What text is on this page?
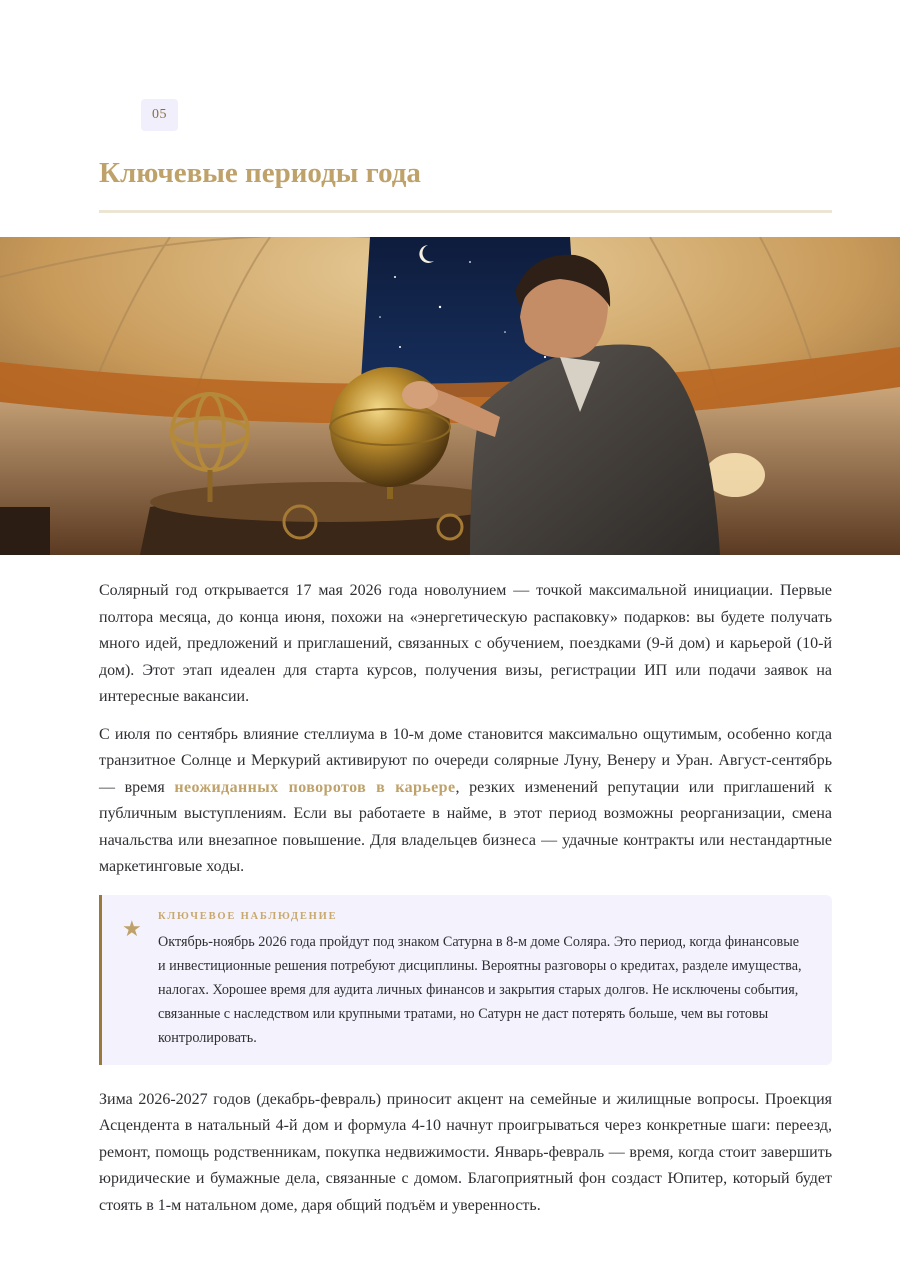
05
Ключевые периоды года

Солярный год открывается 17 мая 2026 года новолунием — точкой максимальной инициации. Первые полтора месяца, до конца июня, похожи на «энергетическую распаковку» подарков: вы будете получать много идей, предложений и приглашений, связанных с обучением, поездками (9-й дом) и карьерой (10-й дом). Этот этап идеален для старта курсов, получения визы, регистрации ИП или подачи заявок на интересные вакансии.

С июля по сентябрь влияние стеллиума в 10-м доме становится максимально ощутимым, особенно когда транзитное Солнце и Меркурий активируют по очереди солярные Луну, Венеру и Уран. Август-сентябрь — время неожиданных поворотов в карьере, резких изменений репутации или приглашений к публичным выступлениям. Если вы работаете в найме, в этот период возможны реорганизации, смена начальства или внезапное повышение. Для владельцев бизнеса — удачные контракты или нестандартные маркетинговые ходы.

★
КЛЮЧЕВОЕ НАБЛЮДЕНИЕ

Октябрь-ноябрь 2026 года пройдут под знаком Сатурна в 8-м доме Соляра. Это период, когда финансовые и инвестиционные решения потребуют дисциплины. Вероятны разговоры о кредитах, разделе имущества, налогах. Хорошее время для аудита личных финансов и закрытия старых долгов. Не исключены события, связанные с наследством или крупными тратами, но Сатурн не даст потерять больше, чем вы готовы контролировать.

Зима 2026-2027 годов (декабрь-февраль) приносит акцент на семейные и жилищные вопросы. Проекция Асцендента в натальный 4-й дом и формула 4-10 начнут проигрываться через конкретные шаги: переезд, ремонт, помощь родственникам, покупка недвижимости. Январь-февраль — время, когда стоит завершить юридические и бумажные дела, связанные с домом. Благоприятный фон создаст Юпитер, который будет стоять в 1-м натальном доме, даря общий подъём и уверенность.
